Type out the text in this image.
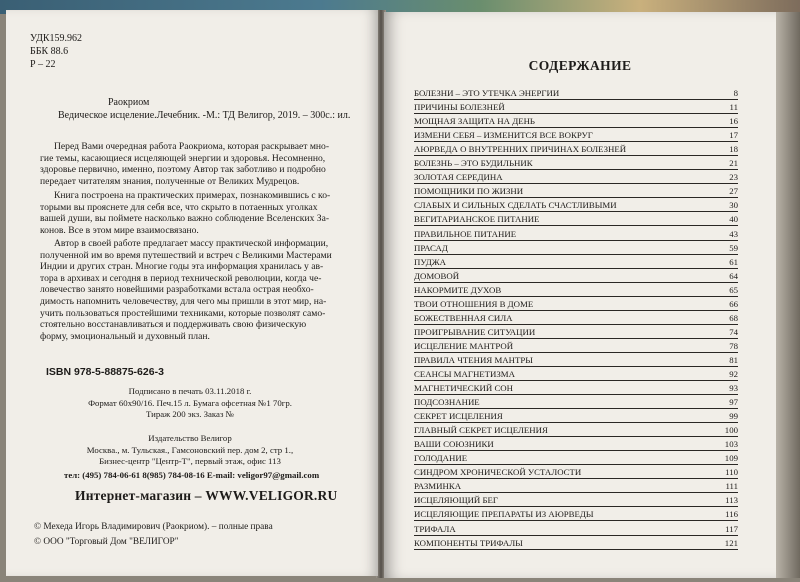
УДК159.962
ББК 88.6
Р – 22
Раокриом
Ведическое исцеление.Лечебник. -М.: ТД Велигор, 2019. – 300с.: ил.
Перед Вами очередная работа Раокриома, которая раскрывает мно-
гие темы, касающиеся исцеляющей энергии и здоровья. Несомненно,
здоровье первично, именно, поэтому Автор так заботливо и подробно
передает читателям знания, полученные от Великих Мудрецов.
Книга построена на практических примерах, познакомившись с ко-
торыми вы прояснете для себя все, что скрыто в потаенных уголках
вашей души, вы поймете насколько важно соблюдение Вселенских За-
конов. Все в этом мире взаимосвязано.
Автор в своей работе предлагает массу практической информации,
полученной им во время путешествий и встреч с Великими Мастерами
Индии и других стран. Многие годы эта информация хранилась у ав-
тора в архивах и сегодня в период технической революции, когда че-
ловечество занято новейшими разработками встала острая необхо-
димость напомнить человечеству, для чего мы пришли в этот мир, на-
учить пользоваться простейшими техниками, которые позволят само-
стоятельно восстанавливаться и поддерживать свою физическую
форму, эмоциональный и духовный план.
ISBN 978-5-88875-626-3
Подписано в печать 03.11.2018 г.
Формат 60х90/16. Печ.15 л. Бумага офсетная №1 70гр.
Тираж 200 экз. Заказ №
Издательство Велигор
Москва., м. Тульская., Гамсоновский пер. дом 2, стр 1.,
Бизнес-центр "Центр-Т", первый этаж, офис 113
тел: (495) 784-06-61 8(985) 784-08-16 E-mail: veligor97@gmail.com
Интернет-магазин – WWW.VELIGOR.RU
© Мехеда Игорь Владимирович (Раокриом). – полные права
© ООО "Торговый Дом "ВЕЛИГОР"
СОДЕРЖАНИЕ
БОЛЕЗНИ – ЭТО УТЕЧКА ЭНЕРГИИ	8
ПРИЧИНЫ БОЛЕЗНЕЙ	11
МОЩНАЯ ЗАЩИТА НА ДЕНЬ	16
ИЗМЕНИ СЕБЯ – ИЗМЕНИТСЯ ВСЕ ВОКРУГ	17
АЮРВЕДА О ВНУТРЕННИХ ПРИЧИНАХ БОЛЕЗНЕЙ	18
БОЛЕЗНЬ – ЭТО БУДИЛЬНИК	21
ЗОЛОТАЯ СЕРЕДИНА	23
ПОМОЩНИКИ ПО ЖИЗНИ	27
СЛАБЫХ И СИЛЬНЫХ СДЕЛАТЬ СЧАСТЛИВЫМИ	30
ВЕГИТАРИАНСКОЕ ПИТАНИЕ	40
ПРАВИЛЬНОЕ ПИТАНИЕ	43
ПРАСАД	59
ПУДЖА	61
ДОМОВОЙ	64
НАКОРМИТЕ ДУХОВ	65
ТВОИ ОТНОШЕНИЯ В ДОМЕ	66
БОЖЕСТВЕННАЯ СИЛА	68
ПРОИГРЫВАНИЕ СИТУАЦИИ	74
ИСЦЕЛЕНИЕ МАНТРОЙ	78
ПРАВИЛА ЧТЕНИЯ МАНТРЫ	81
СЕАНСЫ МАГНЕТИЗМА	92
МАГНЕТИЧЕСКИЙ СОН	93
ПОДСОЗНАНИЕ	97
СЕКРЕТ ИСЦЕЛЕНИЯ	99
ГЛАВНЫЙ СЕКРЕТ ИСЦЕЛЕНИЯ	100
ВАШИ СОЮЗНИКИ	103
ГОЛОДАНИЕ	109
СИНДРОМ ХРОНИЧЕСКОЙ УСТАЛОСТИ	110
РАЗМИНКА	111
ИСЦЕЛЯЮЩИЙ БЕГ	113
ИСЦЕЛЯЮЩИЕ ПРЕПАРАТЫ ИЗ АЮРВЕДЫ	116
ТРИФАЛА	117
КОМПОНЕНТЫ ТРИФАЛЫ	121
